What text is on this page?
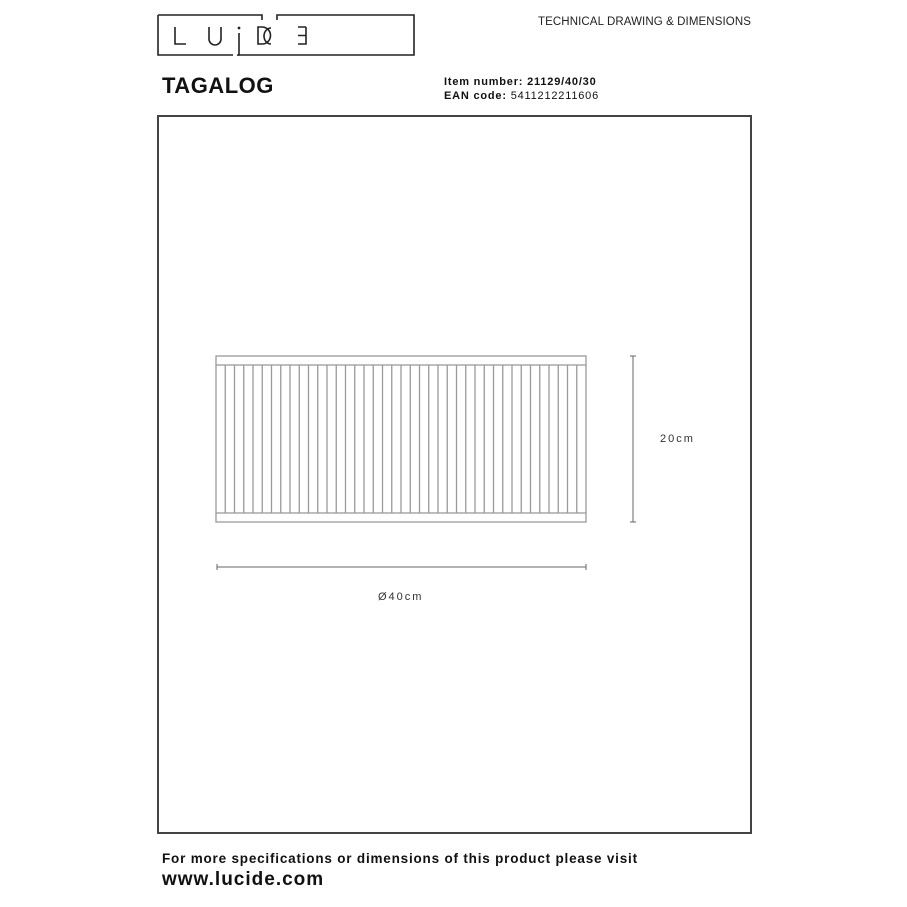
TECHNICAL DRAWING & DIMENSIONS
TAGALOG	Item number: 21129/40/30
EAN code: 5411212211606
20cm
Ø40cm
For more specifications or dimensions of this product please visit
www.lucide.com
